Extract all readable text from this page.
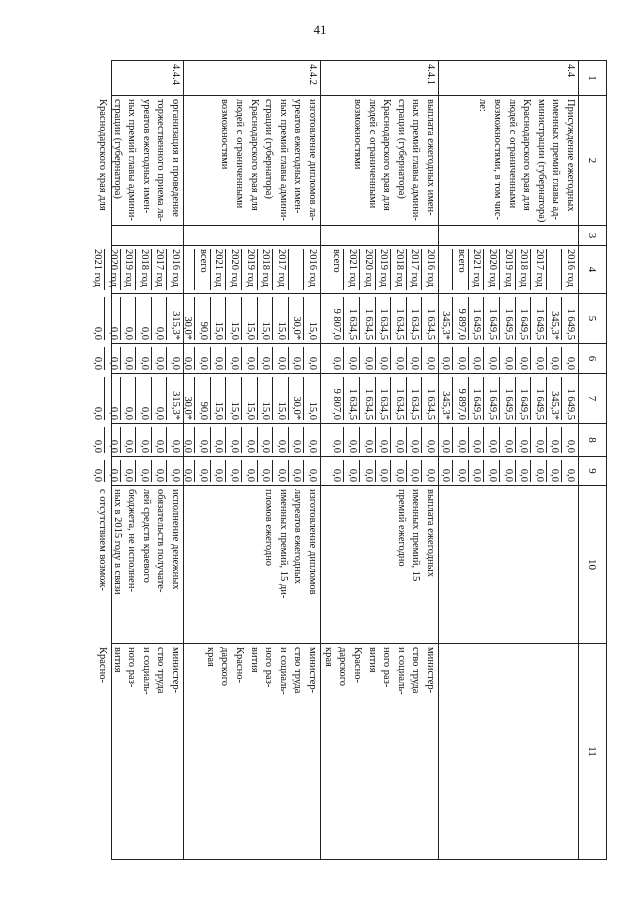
41
1
2
3
4
5
6
7
8
9
10
11
4.4
Присуждение ежегодных
именных премий главы ад-
министрации (губернатора)
Краснодарского края для
людей с ограниченными
возможностями, в том чис-
ле:
2016 год
2017 год
2018 год
2019 год
2020 год
2021 год
всего
1 649,5
345,3*
1 649,5
1 649,5
1 649,5
1 649,5
1 649,5
9 897,0
345,3*
0,0
0,0
0,0
0,0
0,0
0,0
0,0
0,0
0,0
1 649,5
345,3*
1 649,5
1 649,5
1 649,5
1 649,5
1 649,5
9 897,0
345,3*
0,0
0,0
0,0
0,0
0,0
0,0
0,0
0,0
0,0
0,0
0,0
0,0
0,0
0,0
0,0
0,0
0,0
0,0
4.4.1
выплата ежегодных имен-
ных премий главы админи-
страции (губернатора)
Краснодарского края для
людей с ограниченными
возможностями
2016 год
2017 год
2018 год
2019 год
2020 год
2021 год
всего
1 634,5
1 634,5
1 634,5
1 634,5
1 634,5
1 634,5
9 807,0
0,0
0,0
0,0
0,0
0,0
0,0
0,0
1 634,5
1 634,5
1 634,5
1 634,5
1 634,5
1 634,5
9 807,0
0,0
0,0
0,0
0,0
0,0
0,0
0,0
0,0
0,0
0,0
0,0
0,0
0,0
0,0
выплата ежегодных
именных премий, 15
премий ежегодно
министер-
ство труда
и социаль-
ного раз-
вития
Красно-
дарского
края
4.4.2
изготовление дипломов ла-
уреатов ежегодных имен-
ных премий главы админи-
страции (губернатора)
Краснодарского края для
людей с ограниченными
возможностями
2016 год
2017 год
2018 год
2019 год
2020 год
2021 год
всего
15,0
30,0*
15,0
15,0
15,0
15,0
15,0
90,0
30,0*
0,0
0,0
0,0
0,0
0,0
0,0
0,0
0,0
0,0
15,0
30,0*
15,0
15,0
15,0
15,0
15,0
90,0
30,0*
0,0
0,0
0,0
0,0
0,0
0,0
0,0
0,0
0,0
0,0
0,0
0,0
0,0
0,0
0,0
0,0
0,0
0,0
изготовление дипломов
лауреатов ежегодных
именных премий, 15 ди-
пломов ежегодно
министер-
ство труда
и социаль-
ного раз-
вития
Красно-
дарского
края
4.4.4
организация и проведение
торжественного приема ла-
уреатов ежегодных имен-
ных премий главы админи-
страции (губернатора)
Краснодарского края для
2016 год
2017 год
2018 год
2019 год
2020 год
2021 год
315,3*
0,0
0,0
0,0
0,0
0,0
0,0
0,0
0,0
0,0
0,0
0,0
315,3*
0,0
0,0
0,0
0,0
0,0
0,0
0,0
0,0
0,0
0,0
0,0
0,0
0,0
0,0
0,0
0,0
0,0
исполнение денежных
обязательств получате-
лей средств краевого
бюджета, не исполнен-
ных в 2015 году в связи
с отсутствием возмож-
министер-
ство труда
и социаль-
ного раз-
вития
Красно-
